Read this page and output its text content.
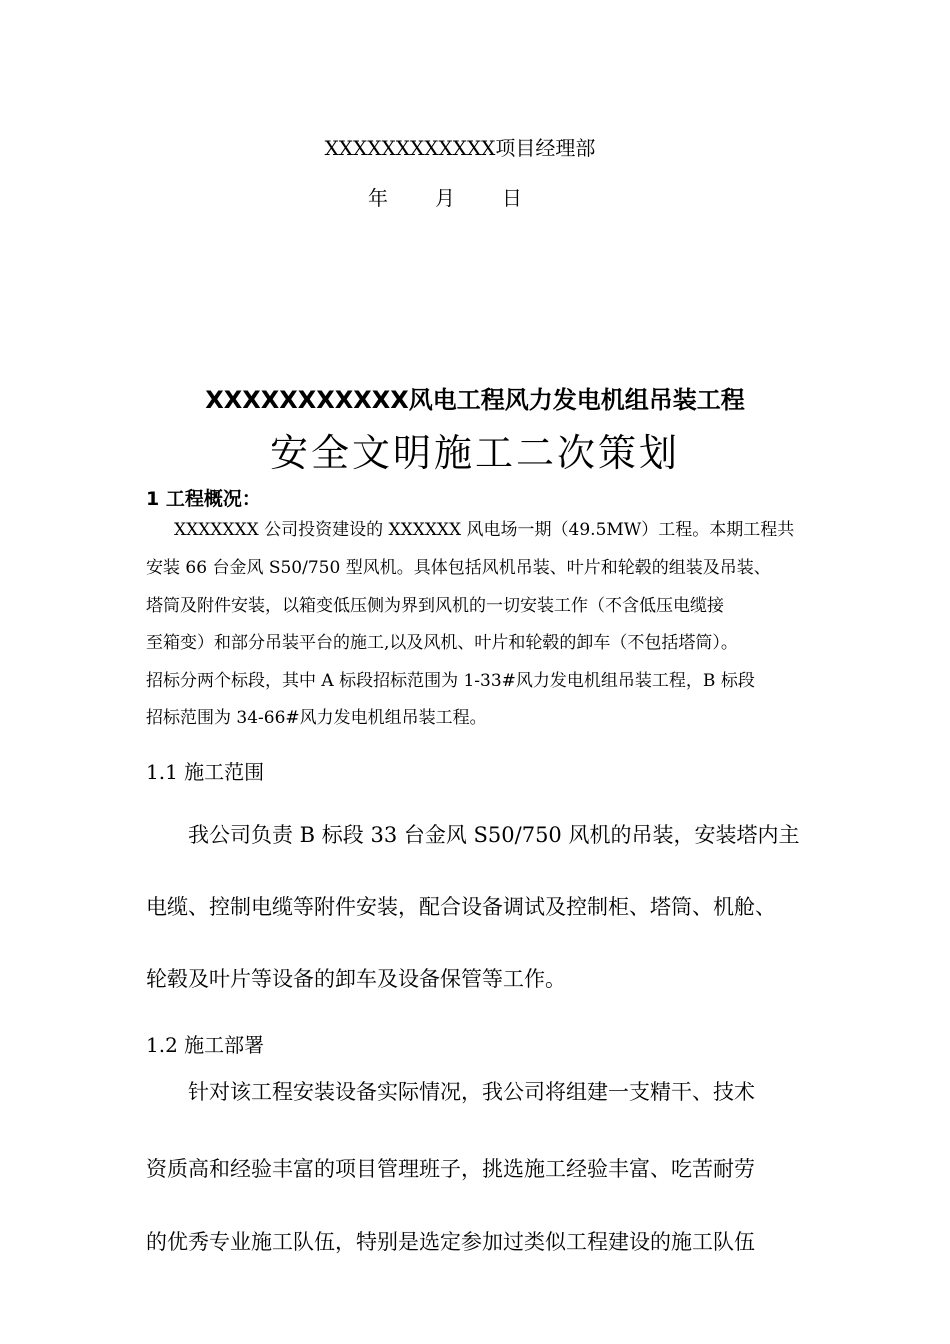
XXXXXXXXXXXX项目经理部
年 月 日
XXXXXXXXXXX风电工程风力发电机组吊装工程
安全文明施工二次策划
1 工程概况：
XXXXXXX 公司投资建设的 XXXXXX 风电场一期（49.5MW）工程。本期工程共
安装 66 台金风 S50/750 型风机。具体包括风机吊装、叶片和轮毂的组装及吊装、
塔筒及附件安装，以箱变低压侧为界到风机的一切安装工作（不含低压电缆接
至箱变）和部分吊装平台的施工,以及风机、叶片和轮毂的卸车（不包括塔筒）。
招标分两个标段，其中 A 标段招标范围为 1-33#风力发电机组吊装工程，B 标段
招标范围为 34-66#风力发电机组吊装工程。
1.1 施工范围
我公司负责 B 标段 33 台金风 S50/750 风机的吊装，安装塔内主
电缆、控制电缆等附件安装，配合设备调试及控制柜、塔筒、机舱、
轮毂及叶片等设备的卸车及设备保管等工作。
1.2 施工部署
针对该工程安装设备实际情况，我公司将组建一支精干、技术
资质高和经验丰富的项目管理班子，挑选施工经验丰富、吃苦耐劳
的优秀专业施工队伍，特别是选定参加过类似工程建设的施工队伍
